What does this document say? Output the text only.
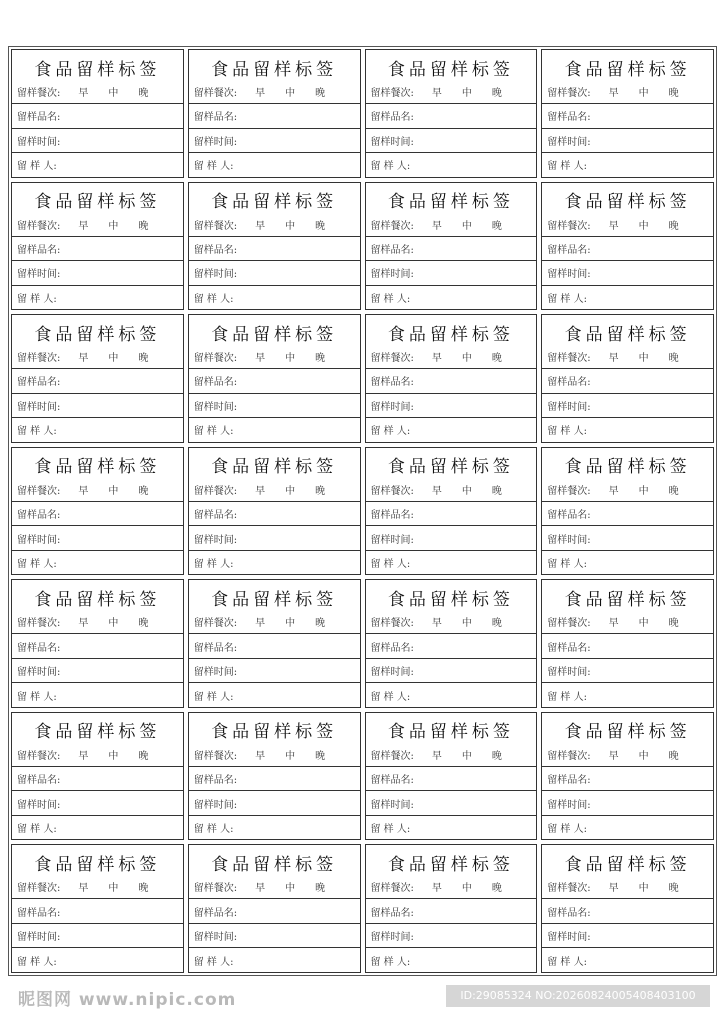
食品留样标签
留样餐次: 早 中 晚
留样品名:
留样时间:
留 样 人:
食品留样标签
留样餐次: 早 中 晚
留样品名:
留样时间:
留 样 人:
食品留样标签
留样餐次: 早 中 晚
留样品名:
留样时间:
留 样 人:
食品留样标签
留样餐次: 早 中 晚
留样品名:
留样时间:
留 样 人:
食品留样标签
留样餐次: 早 中 晚
留样品名:
留样时间:
留 样 人:
食品留样标签
留样餐次: 早 中 晚
留样品名:
留样时间:
留 样 人:
食品留样标签
留样餐次: 早 中 晚
留样品名:
留样时间:
留 样 人:
食品留样标签
留样餐次: 早 中 晚
留样品名:
留样时间:
留 样 人:
食品留样标签
留样餐次: 早 中 晚
留样品名:
留样时间:
留 样 人:
食品留样标签
留样餐次: 早 中 晚
留样品名:
留样时间:
留 样 人:
食品留样标签
留样餐次: 早 中 晚
留样品名:
留样时间:
留 样 人:
食品留样标签
留样餐次: 早 中 晚
留样品名:
留样时间:
留 样 人:
食品留样标签
留样餐次: 早 中 晚
留样品名:
留样时间:
留 样 人:
食品留样标签
留样餐次: 早 中 晚
留样品名:
留样时间:
留 样 人:
食品留样标签
留样餐次: 早 中 晚
留样品名:
留样时间:
留 样 人:
食品留样标签
留样餐次: 早 中 晚
留样品名:
留样时间:
留 样 人:
食品留样标签
留样餐次: 早 中 晚
留样品名:
留样时间:
留 样 人:
食品留样标签
留样餐次: 早 中 晚
留样品名:
留样时间:
留 样 人:
食品留样标签
留样餐次: 早 中 晚
留样品名:
留样时间:
留 样 人:
食品留样标签
留样餐次: 早 中 晚
留样品名:
留样时间:
留 样 人:
食品留样标签
留样餐次: 早 中 晚
留样品名:
留样时间:
留 样 人:
食品留样标签
留样餐次: 早 中 晚
留样品名:
留样时间:
留 样 人:
食品留样标签
留样餐次: 早 中 晚
留样品名:
留样时间:
留 样 人:
食品留样标签
留样餐次: 早 中 晚
留样品名:
留样时间:
留 样 人:
食品留样标签
留样餐次: 早 中 晚
留样品名:
留样时间:
留 样 人:
食品留样标签
留样餐次: 早 中 晚
留样品名:
留样时间:
留 样 人:
食品留样标签
留样餐次: 早 中 晚
留样品名:
留样时间:
留 样 人:
食品留样标签
留样餐次: 早 中 晚
留样品名:
留样时间:
留 样 人:
昵图网 www.nipic.com	ID:29085324 NO:20260824005408403100
